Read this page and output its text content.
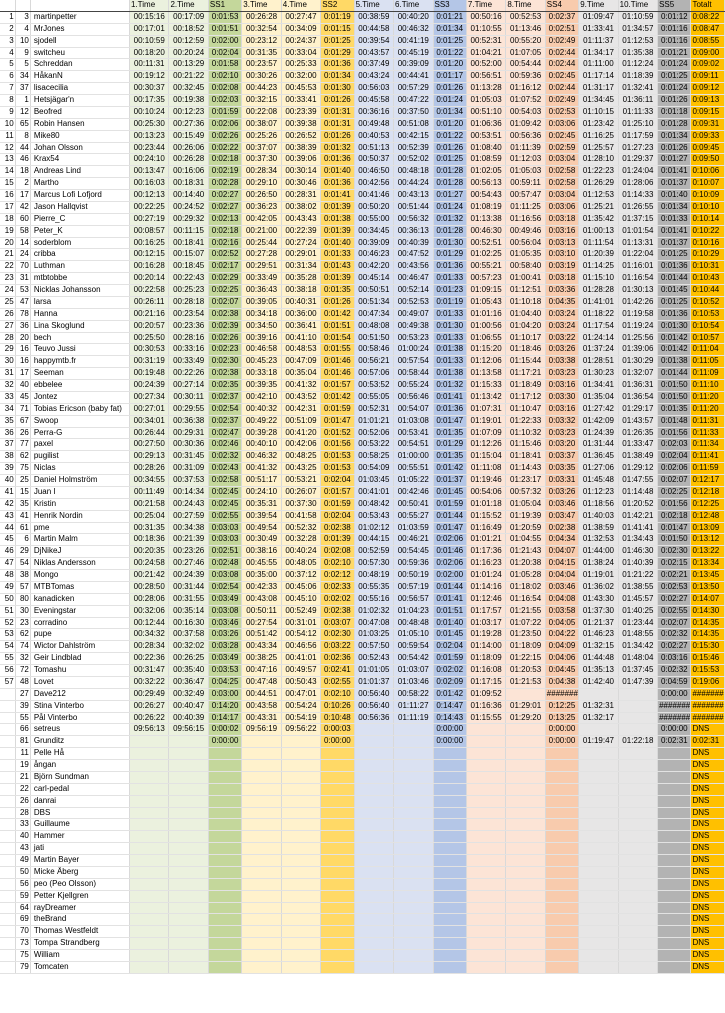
			1.Time	2.Time	SS1	3.Time	4.Time	SS2	5.Time	6.Time	SS3	7.Time	8.Time	SS4	9.Time	10.Time	SS5	Totalt
1	3	martinpetter	00:15:16	00:17:09	0:01:53	00:26:28	00:27:47	0:01:19	00:38:59	00:40:20	0:01:21	00:50:16	00:52:53	0:02:37	01:09:47	01:10:59	0:01:12	0:08:22
2	4	MrJones	00:17:01	00:18:52	0:01:51	00:32:54	00:34:09	0:01:15	00:44:58	00:46:32	0:01:34	01:10:55	01:13:46	0:02:51	01:33:41	01:34:57	0:01:16	0:08:47
3	10	sjodell	00:10:59	00:12:59	0:02:00	00:23:12	00:24:37	0:01:25	00:39:54	00:41:19	0:01:25	00:52:31	00:55:20	0:02:49	01:11:37	01:12:53	0:01:16	0:08:55
4	9	switcheu	00:18:20	00:20:24	0:02:04	00:31:35	00:33:04	0:01:29	00:43:57	00:45:19	0:01:22	01:04:21	01:07:05	0:02:44	01:34:17	01:35:38	0:01:21	0:09:00
5	5	Schreddan	00:11:31	00:13:29	0:01:58	00:23:57	00:25:33	0:01:36	00:37:49	00:39:09	0:01:20	00:52:00	00:54:44	0:02:44	01:11:00	01:12:24	0:01:24	0:09:02
6	34	HåkanN	00:19:12	00:21:22	0:02:10	00:30:26	00:32:00	0:01:34	00:43:24	00:44:41	0:01:17	00:56:51	00:59:36	0:02:45	01:17:14	01:18:39	0:01:25	0:09:11
7	37	lisacecilia	00:30:37	00:32:45	0:02:08	00:44:23	00:45:53	0:01:30	00:56:03	00:57:29	0:01:26	01:13:28	01:16:12	0:02:44	01:31:17	01:32:41	0:01:24	0:09:12
8	1	Hetsjägar'n	00:17:35	00:19:38	0:02:03	00:32:15	00:33:41	0:01:26	00:45:58	00:47:22	0:01:24	01:05:03	01:07:52	0:02:49	01:34:45	01:36:11	0:01:26	0:09:13
9	12	Beofred	00:10:24	00:12:23	0:01:59	00:22:08	00:23:39	0:01:31	00:36:16	00:37:50	0:01:34	00:51:10	00:54:03	0:02:53	01:10:15	01:11:33	0:01:18	0:09:15
10	65	Robin Hansen	00:25:30	00:27:36	0:02:06	00:38:07	00:39:38	0:01:31	00:49:48	00:51:08	0:01:20	01:06:36	01:09:42	0:03:06	01:23:42	01:25:10	0:01:28	0:09:31
11	8	Mike80	00:13:23	00:15:49	0:02:26	00:25:26	00:26:52	0:01:26	00:40:53	00:42:15	0:01:22	00:53:51	00:56:36	0:02:45	01:16:25	01:17:59	0:01:34	0:09:33
12	44	Johan Olsson	00:23:44	00:26:06	0:02:22	00:37:07	00:38:39	0:01:32	00:51:13	00:52:39	0:01:26	01:08:40	01:11:39	0:02:59	01:25:57	01:27:23	0:01:26	0:09:45
13	46	Krax54	00:24:10	00:26:28	0:02:18	00:37:30	00:39:06	0:01:36	00:50:37	00:52:02	0:01:25	01:08:59	01:12:03	0:03:04	01:28:10	01:29:37	0:01:27	0:09:50
14	18	Andreas Lind	00:13:47	00:16:06	0:02:19	00:28:34	00:30:14	0:01:40	00:46:50	00:48:18	0:01:28	01:02:05	01:05:03	0:02:58	01:22:23	01:24:04	0:01:41	0:10:06
15	2	Martho	00:16:03	00:18:31	0:02:28	00:29:10	00:30:46	0:01:36	00:42:56	00:44:24	0:01:28	00:56:13	00:59:11	0:02:58	01:26:29	01:28:06	0:01:37	0:10:07
16	17	Marcus Lofi Lofjord	00:12:13	00:14:40	0:02:27	00:26:50	00:28:31	0:01:41	00:41:46	00:43:13	0:01:27	00:54:43	00:57:47	0:03:04	01:12:53	01:14:33	0:01:40	0:10:09
17	42	Jason Hallqvist	00:22:25	00:24:52	0:02:27	00:36:23	00:38:02	0:01:39	00:50:20	00:51:44	0:01:24	01:08:19	01:11:25	0:03:06	01:25:21	01:26:55	0:01:34	0:10:10
18	60	Pierre_C	00:27:19	00:29:32	0:02:13	00:42:05	00:43:43	0:01:38	00:55:00	00:56:32	0:01:32	01:13:38	01:16:56	0:03:18	01:35:42	01:37:15	0:01:33	0:10:14
19	58	Peter_K	00:08:57	00:11:15	0:02:18	00:21:00	00:22:39	0:01:39	00:34:45	00:36:13	0:01:28	00:46:30	00:49:46	0:03:16	01:00:13	01:01:54	0:01:41	0:10:22
20	14	soderblom	00:16:25	00:18:41	0:02:16	00:25:44	00:27:24	0:01:40	00:39:09	00:40:39	0:01:30	00:52:51	00:56:04	0:03:13	01:11:54	01:13:31	0:01:37	0:10:16
21	24	cribba	00:12:15	00:15:07	0:02:52	00:27:28	00:29:01	0:01:33	00:46:23	00:47:52	0:01:29	01:02:25	01:05:35	0:03:10	01:20:39	01:22:04	0:01:25	0:10:29
22	70	Luthman	00:16:28	00:18:45	0:02:17	00:29:51	00:31:34	0:01:43	00:42:20	00:43:56	0:01:36	00:55:21	00:58:40	0:03:19	01:14:25	01:16:01	0:01:36	0:10:31
23	31	mtbtobbe	00:20:14	00:22:43	0:02:29	00:33:49	00:35:28	0:01:39	00:45:14	00:46:47	0:01:33	00:57:23	01:00:41	0:03:18	01:15:10	01:16:54	0:01:44	0:10:43
24	53	Nicklas Johansson	00:22:58	00:25:23	0:02:25	00:36:43	00:38:18	0:01:35	00:50:51	00:52:14	0:01:23	01:09:15	01:12:51	0:03:36	01:28:28	01:30:13	0:01:45	0:10:44
25	47	larsa	00:26:11	00:28:18	0:02:07	00:39:05	00:40:31	0:01:26	00:51:34	00:52:53	0:01:19	01:05:43	01:10:18	0:04:35	01:41:01	01:42:26	0:01:25	0:10:52
26	78	Hanna	00:21:16	00:23:54	0:02:38	00:34:18	00:36:00	0:01:42	00:47:34	00:49:07	0:01:33	01:01:16	01:04:40	0:03:24	01:18:22	01:19:58	0:01:36	0:10:53
27	36	Lina Skoglund	00:20:57	00:23:36	0:02:39	00:34:50	00:36:41	0:01:51	00:48:08	00:49:38	0:01:30	01:00:56	01:04:20	0:03:24	01:17:54	01:19:24	0:01:30	0:10:54
28	20	bech	00:25:50	00:28:16	0:02:26	00:39:16	00:41:10	0:01:54	00:51:50	00:53:23	0:01:33	01:06:55	01:10:17	0:03:22	01:24:14	01:25:56	0:01:42	0:10:57
29	16	Teuvo Jussi	00:30:53	00:33:16	0:02:23	00:46:58	00:48:53	0:01:55	00:58:46	01:00:24	0:01:38	01:15:20	01:18:46	0:03:26	01:37:24	01:39:06	0:01:42	0:11:04
30	16	happymtb.fr	00:31:19	00:33:49	0:02:30	00:45:23	00:47:09	0:01:46	00:56:21	00:57:54	0:01:33	01:12:06	01:15:44	0:03:38	01:28:51	01:30:29	0:01:38	0:11:05
31	17	Seeman	00:19:48	00:22:26	0:02:38	00:33:18	00:35:04	0:01:46	00:57:06	00:58:44	0:01:38	01:13:58	01:17:21	0:03:23	01:30:23	01:32:07	0:01:44	0:11:09
32	40	ebbelee	00:24:39	00:27:14	0:02:35	00:39:35	00:41:32	0:01:57	00:53:52	00:55:24	0:01:32	01:15:33	01:18:49	0:03:16	01:34:41	01:36:31	0:01:50	0:11:10
33	45	Jontez	00:27:34	00:30:11	0:02:37	00:42:10	00:43:52	0:01:42	00:55:05	00:56:46	0:01:41	01:13:42	01:17:12	0:03:30	01:35:04	01:36:54	0:01:50	0:11:20
34	71	Tobias Ericson (baby fat)	00:27:01	00:29:55	0:02:54	00:40:32	00:42:31	0:01:59	00:52:31	00:54:07	0:01:36	01:07:31	01:10:47	0:03:16	01:27:42	01:29:17	0:01:35	0:11:20
35	67	Swoop	00:34:01	00:36:38	0:02:37	00:49:22	00:51:09	0:01:47	01:01:21	01:03:08	0:01:47	01:19:01	01:22:33	0:03:32	01:42:09	01:43:57	0:01:48	0:11:31
36	26	Perra-G	00:26:44	00:29:31	0:02:47	00:39:28	00:41:20	0:01:52	00:52:06	00:53:41	0:01:35	01:07:09	01:10:32	0:03:23	01:24:39	01:26:35	0:01:56	0:11:33
37	77	paxel	00:27:50	00:30:36	0:02:46	00:40:10	00:42:06	0:01:56	00:53:22	00:54:51	0:01:29	01:12:26	01:15:46	0:03:20	01:31:44	01:33:47	0:02:03	0:11:34
38	62	pugilist	00:29:13	00:31:45	0:02:32	00:46:32	00:48:25	0:01:53	00:58:25	01:00:00	0:01:35	01:15:04	01:18:41	0:03:37	01:36:45	01:38:49	0:02:04	0:11:41
39	75	Niclas	00:28:26	00:31:09	0:02:43	00:41:32	00:43:25	0:01:53	00:54:09	00:55:51	0:01:42	01:11:08	01:14:43	0:03:35	01:27:06	01:29:12	0:02:06	0:11:59
40	25	Daniel Holmström	00:34:55	00:37:53	0:02:58	00:51:17	00:53:21	0:02:04	01:03:45	01:05:22	0:01:37	01:19:46	01:23:17	0:03:31	01:45:48	01:47:55	0:02:07	0:12:17
41	15	Juan I	00:11:49	00:14:34	0:02:45	00:24:10	00:26:07	0:01:57	00:41:01	00:42:46	0:01:45	00:54:06	00:57:32	0:03:26	01:12:23	01:14:48	0:02:25	0:12:18
42	35	Kristin	00:21:58	00:24:43	0:02:45	00:35:31	00:37:30	0:01:59	00:48:42	00:50:41	0:01:59	01:01:18	01:05:04	0:03:46	01:18:56	01:20:52	0:01:56	0:12:25
43	41	Henrik Nordin	00:25:04	00:27:59	0:02:55	00:39:54	00:41:58	0:02:04	00:53:43	00:55:27	0:01:44	01:15:52	01:19:39	0:03:47	01:40:03	01:42:21	0:02:18	0:12:48
44	61	pme	00:31:35	00:34:38	0:03:03	00:49:54	00:52:32	0:02:38	01:02:12	01:03:59	0:01:47	01:16:49	01:20:59	0:02:38	01:38:59	01:41:41	0:01:47	0:13:09
45	6	Martin Malm	00:18:36	00:21:39	0:03:03	00:30:49	00:32:28	0:01:39	00:44:15	00:46:21	0:02:06	01:01:21	01:04:55	0:04:34	01:32:53	01:34:43	0:01:50	0:13:12
46	29	DjNikeJ	00:20:35	00:23:26	0:02:51	00:38:16	00:40:24	0:02:08	00:52:59	00:54:45	0:01:46	01:17:36	01:21:43	0:04:07	01:44:00	01:46:30	0:02:30	0:13:22
47	54	Niklas Andersson	00:24:58	00:27:46	0:02:48	00:45:55	00:48:05	0:02:10	00:57:30	00:59:36	0:02:06	01:16:23	01:20:38	0:04:15	01:38:24	01:40:39	0:02:15	0:13:34
48	38	Mongo	00:21:42	00:24:39	0:03:08	00:35:00	00:37:12	0:02:12	00:48:19	00:50:19	0:02:00	01:01:24	01:05:28	0:04:04	01:19:01	01:21:22	0:02:21	0:13:45
49	57	MTBTomas	00:28:50	00:31:44	0:02:54	00:42:33	00:45:06	0:02:33	00:55:35	00:57:19	0:01:44	01:14:16	01:18:02	0:03:46	01:36:02	01:38:55	0:02:53	0:13:50
50	80	kanadicken	00:28:06	00:31:55	0:03:49	00:43:08	00:45:10	0:02:02	00:55:16	00:56:57	0:01:41	01:12:46	01:16:54	0:04:08	01:43:30	01:45:57	0:02:27	0:14:07
51	30	Eveningstar	00:32:06	00:35:14	0:03:08	00:50:11	00:52:49	0:02:38	01:02:32	01:04:23	0:01:51	01:17:57	01:21:55	0:03:58	01:37:30	01:40:25	0:02:55	0:14:30
52	23	corradino	00:12:44	00:16:30	0:03:46	00:27:54	00:31:01	0:03:07	00:47:08	00:48:48	0:01:40	01:03:17	01:07:22	0:04:05	01:21:37	01:23:44	0:02:07	0:14:35
53	62	pupe	00:34:32	00:37:58	0:03:26	00:51:42	00:54:12	0:02:30	01:03:25	01:05:10	0:01:45	01:19:28	01:23:50	0:04:22	01:46:23	01:48:55	0:02:32	0:14:35
54	74	Wictor Dahlström	00:28:34	00:32:02	0:03:28	00:43:34	00:46:56	0:03:22	00:57:50	00:59:54	0:02:04	01:14:00	01:18:09	0:04:09	01:32:15	01:34:42	0:02:27	0:15:30
55	32	Geir Lindblad	00:22:36	00:26:25	0:03:49	00:38:25	00:41:01	0:02:36	00:52:43	00:54:42	0:01:59	01:18:09	01:22:15	0:04:06	01:44:48	01:48:04	0:03:16	0:15:46
56	72	Tomashu	00:31:47	00:35:40	0:03:53	00:47:16	00:49:57	0:02:41	01:01:05	01:03:07	0:02:02	01:16:08	01:20:53	0:04:45	01:35:13	01:37:45	0:02:32	0:15:53
57	48	Lovet	00:32:22	00:36:47	0:04:25	00:47:48	00:50:43	0:02:55	01:01:37	01:03:46	0:02:09	01:17:15	01:21:53	0:04:38	01:42:40	01:47:39	0:04:59	0:19:06
	27	Dave212	00:29:49	00:32:49	0:03:00	00:44:51	00:47:01	0:02:10	00:56:40	00:58:22	0:01:42	01:09:52		#######			0:00:00	#######
	39	Stina Vinterbo	00:26:27	00:40:47	0:14:20	00:43:58	00:54:24	0:10:26	00:56:40	01:11:27	0:14:47	01:16:36	01:29:01	0:12:25	01:32:31		#######	#######
	55	Pål Vinterbo	00:26:22	00:40:39	0:14:17	00:43:31	00:54:19	0:10:48	00:56:36	01:11:19	0:14:43	01:15:55	01:29:20	0:13:25	01:32:17		#######	#######
	66	setreus	09:56:13	09:56:15	0:00:02	09:56:19	09:56:22	0:00:03			0:00:00			0:00:00			0:00:00	DNS
	81	Grunditz			0:00:00			0:00:00			0:00:00			0:00:00	01:19:47	01:22:18	0:02:31	0:02:31
	11	Pelle Hå																DNS
	19	ångan																DNS
	21	Björn Sundman																DNS
	22	carl-pedal																DNS
	26	danrai																DNS
	28	DBS																DNS
	33	Guillaume																DNS
	40	Hammer																DNS
	43	jati																DNS
	49	Martin Bayer																DNS
	50	Micke Åberg																DNS
	56	peo (Peo Olsson)																DNS
	59	Petter Kjellgren																DNS
	64	rayDreamer																DNS
	69	theBrand																DNS
	70	Thomas Westfeldt																DNS
	73	Tompa Strandberg																DNS
	75	William																DNS
	79	Tomcaten																DNS
